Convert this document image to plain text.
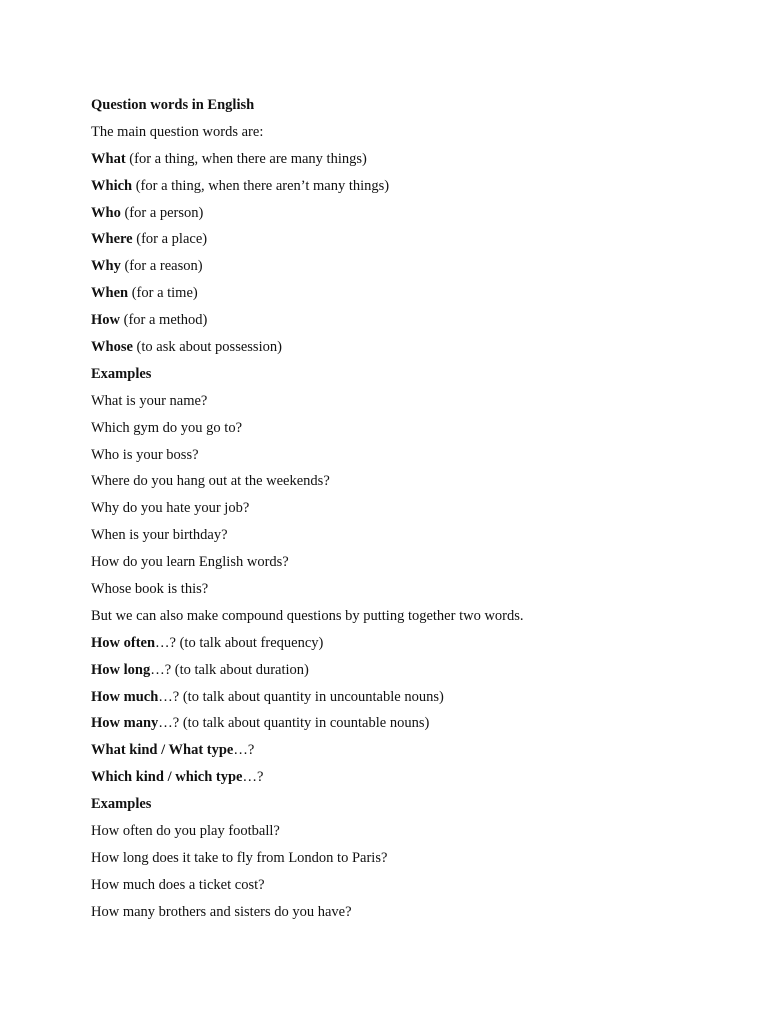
Question words in English
The main question words are:
What (for a thing, when there are many things)
Which (for a thing, when there aren’t many things)
Who (for a person)
Where (for a place)
Why (for a reason)
When (for a time)
How (for a method)
Whose (to ask about possession)
Examples
What is your name?
Which gym do you go to?
Who is your boss?
Where do you hang out at the weekends?
Why do you hate your job?
When is your birthday?
How do you learn English words?
Whose book is this?
But we can also make compound questions by putting together two words.
How often…? (to talk about frequency)
How long…? (to talk about duration)
How much…? (to talk about quantity in uncountable nouns)
How many…? (to talk about quantity in countable nouns)
What kind / What type…?
Which kind / which type…?
Examples
How often do you play football?
How long does it take to fly from London to Paris?
How much does a ticket cost?
How many brothers and sisters do you have?
